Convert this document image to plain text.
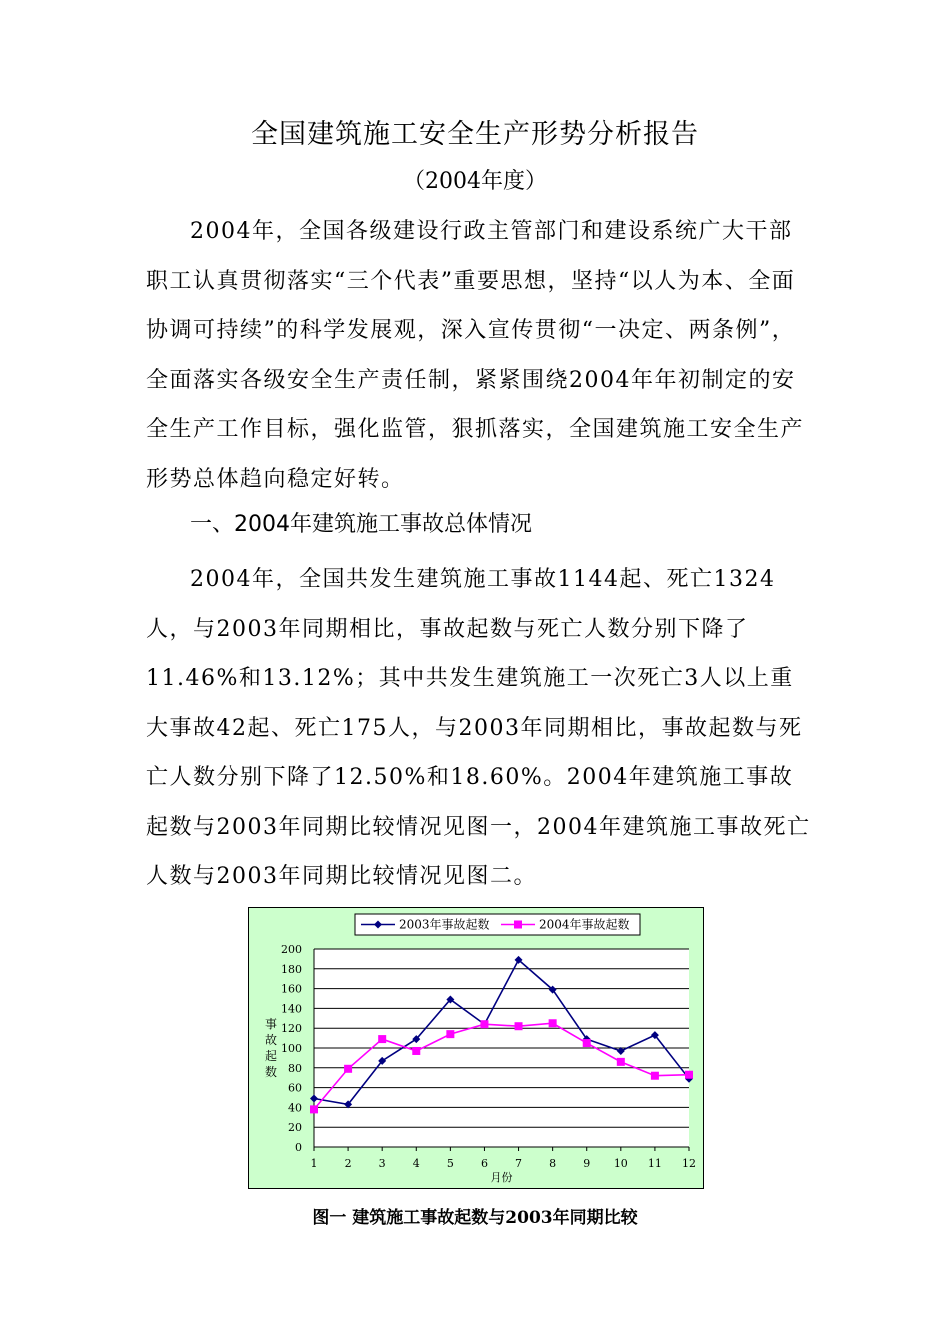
全国建筑施工安全生产形势分析报告
（2004年度）

2004年，全国各级建设行政主管部门和建设系统广大干部职工认真贯彻落实“三个代表”重要思想，坚持“以人为本、全面协调可持续”的科学发展观，深入宣传贯彻“一决定、两条例”，全面落实各级安全生产责任制，紧紧围绕2004年年初制定的安全生产工作目标，强化监管，狠抓落实，全国建筑施工安全生产形势总体趋向稳定好转。

一、2004年建筑施工事故总体情况

2004年，全国共发生建筑施工事故1144起、死亡1324人，与2003年同期相比，事故起数与死亡人数分别下降了11.46%和13.12%；其中共发生建筑施工一次死亡3人以上重大事故42起、死亡175人，与2003年同期相比，事故起数与死亡人数分别下降了12.50%和18.60%。2004年建筑施工事故起数与2003年同期比较情况见图一，2004年建筑施工事故死亡人数与2003年同期比较情况见图二。

0
20
40
60
80
100
120
140
160
180
200
1 2 3 4 5 6 7 8 9 10 11 12
月份
事
故
起
数
2003年事故起数	2004年事故起数
图一 建筑施工事故起数与2003年同期比较
